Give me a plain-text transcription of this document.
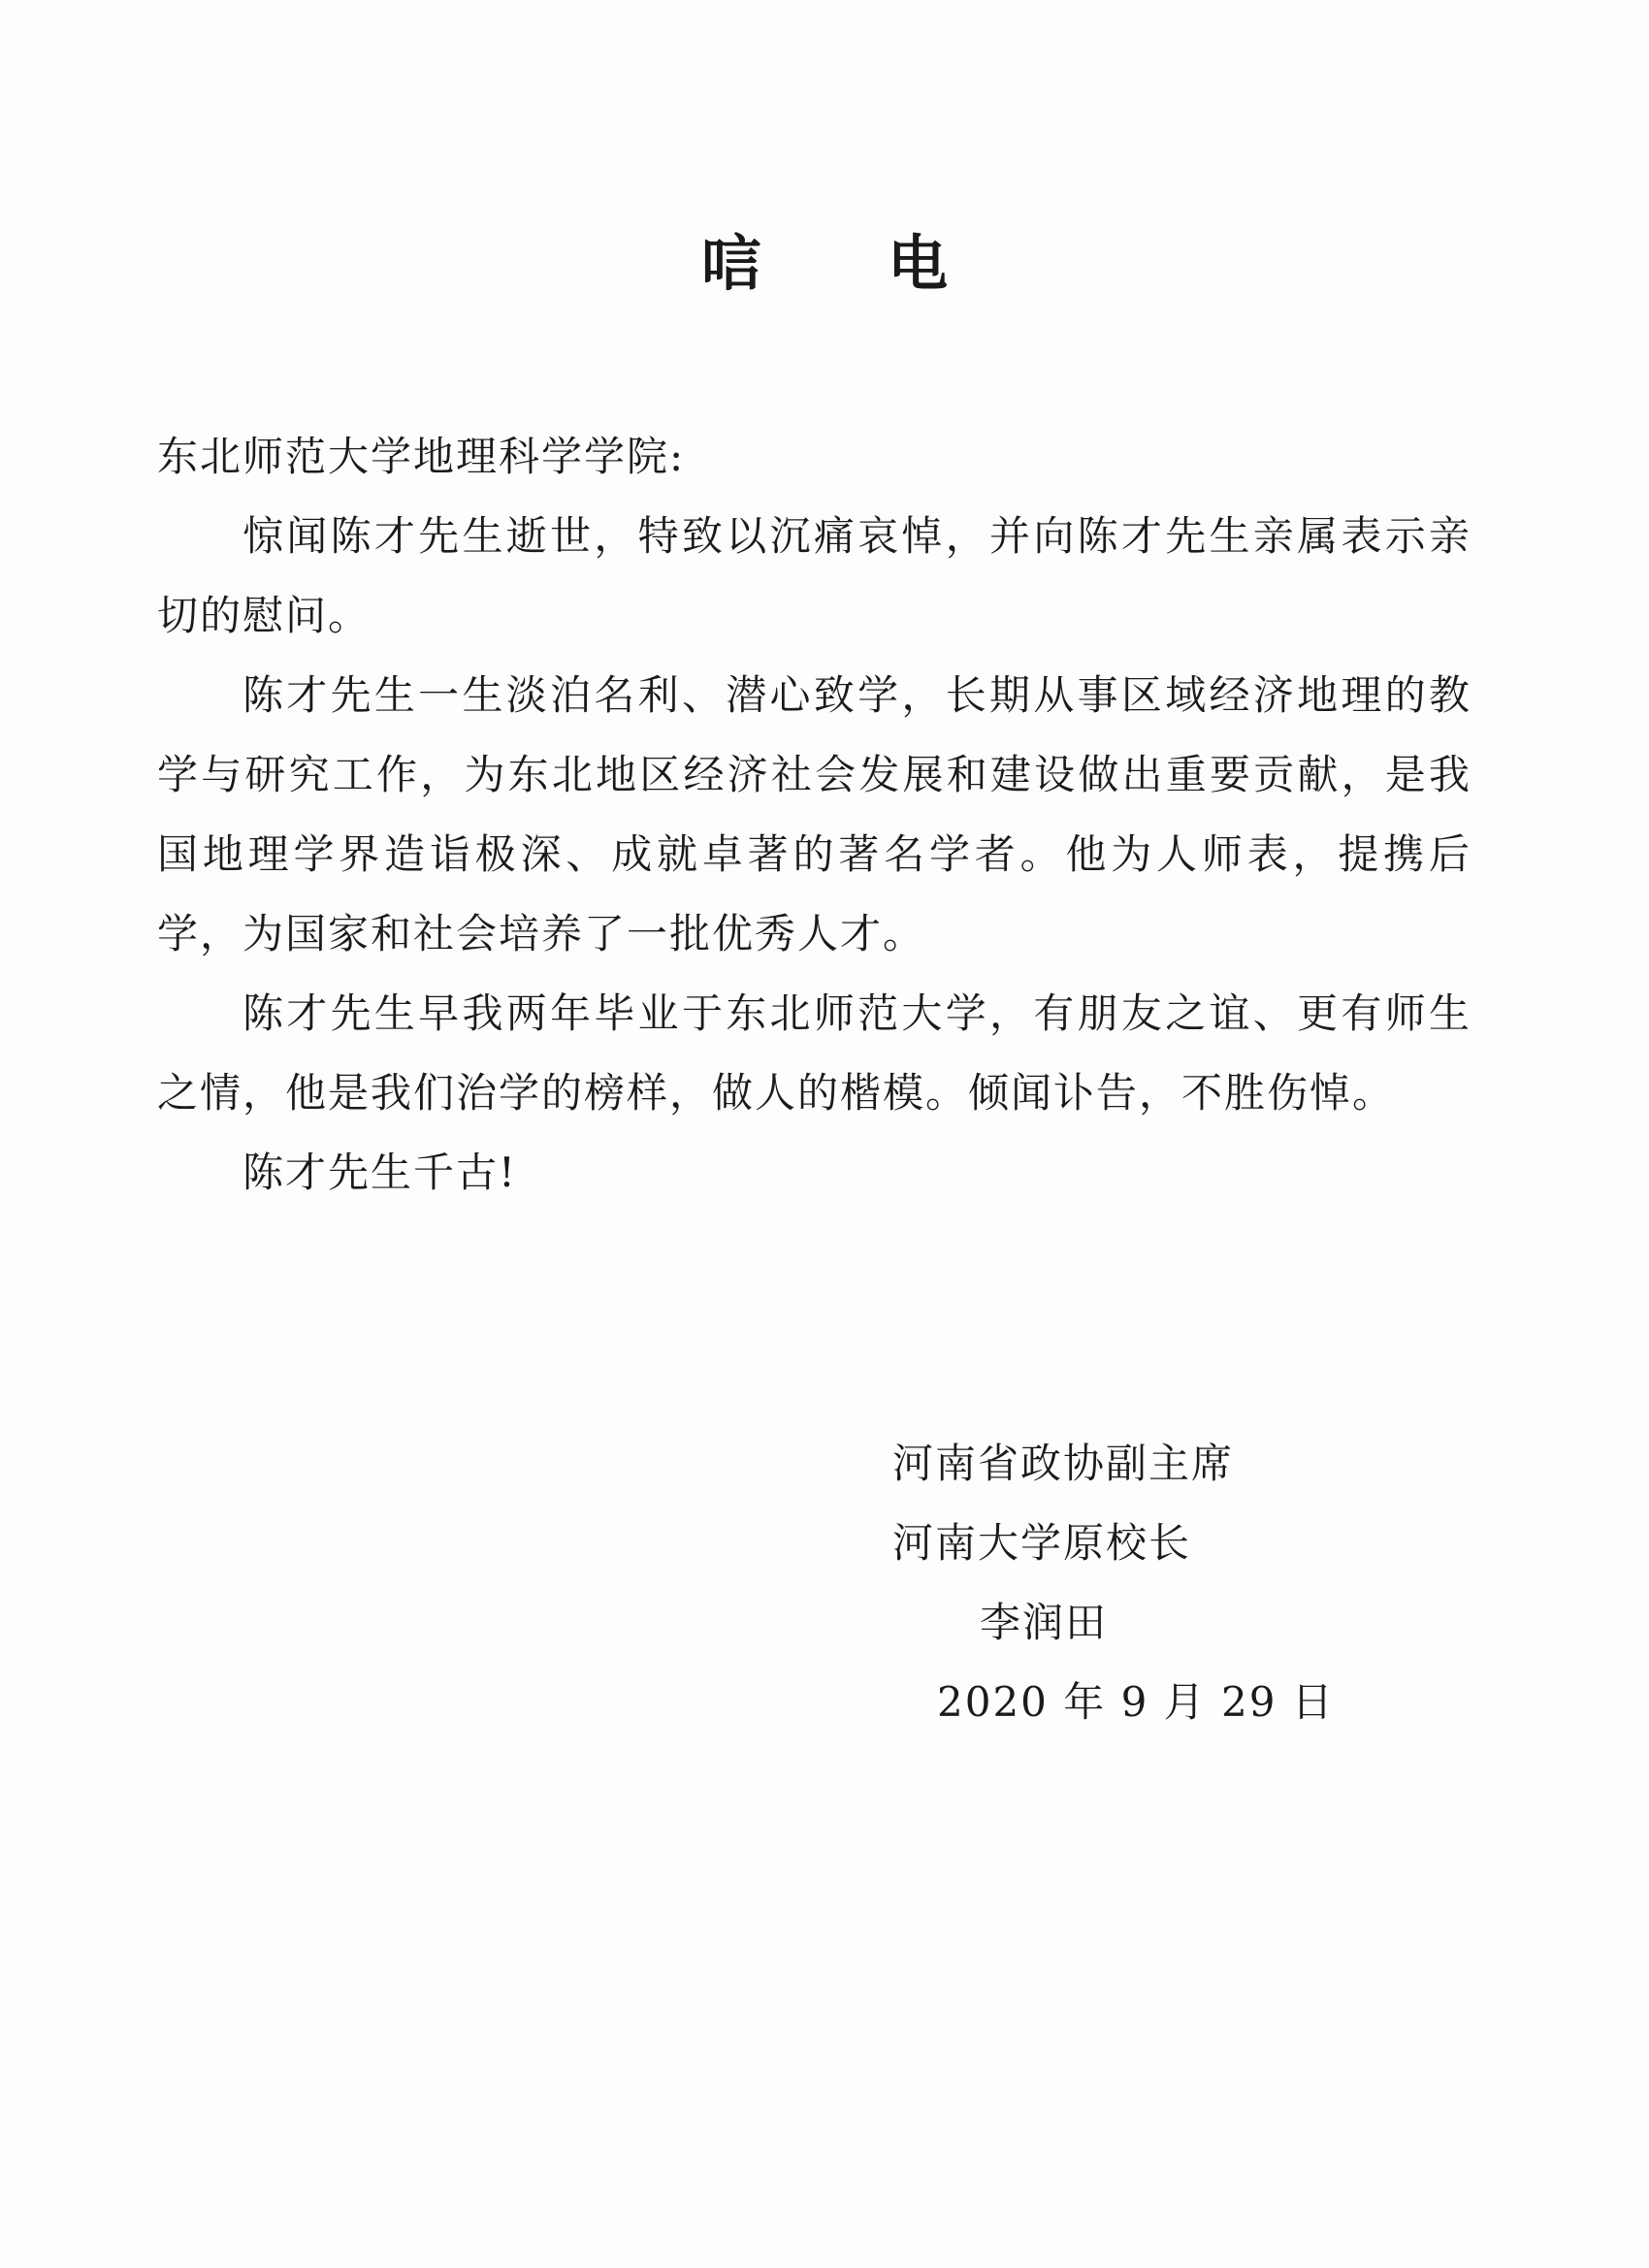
唁 电

东北师范大学地理科学学院:

惊闻陈才先生逝世，特致以沉痛哀悼，并向陈才先生亲属表示亲切的慰问。

陈才先生一生淡泊名利、潜心致学，长期从事区域经济地理的教学与研究工作，为东北地区经济社会发展和建设做出重要贡献，是我国地理学界造诣极深、成就卓著的著名学者。他为人师表，提携后学，为国家和社会培养了一批优秀人才。

陈才先生早我两年毕业于东北师范大学，有朋友之谊、更有师生之情，他是我们治学的榜样，做人的楷模。倾闻讣告，不胜伤悼。

陈才先生千古!

河南省政协副主席
河南大学原校长
李润田
2020 年 9 月 29 日
